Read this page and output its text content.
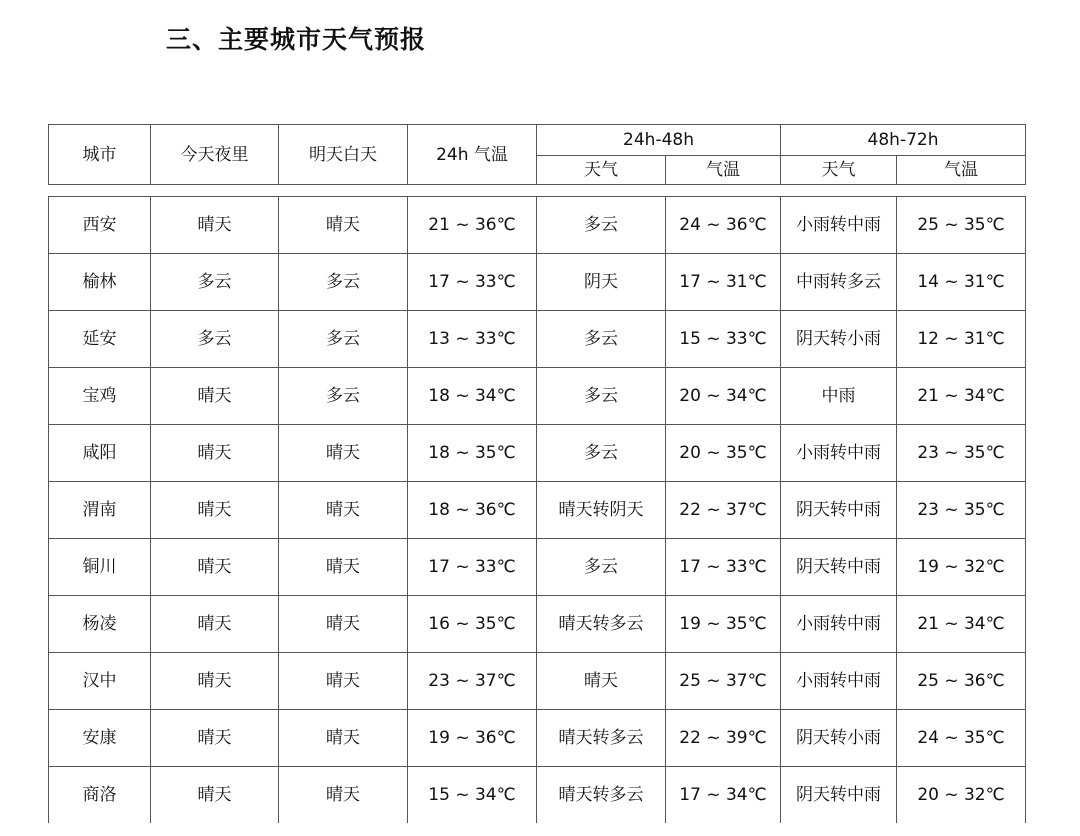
三、主要城市天气预报
城市	今天夜里	明天白天	24h 气温	24h-48h		48h-72h	
				天气	气温	天气	气温

西安	晴天	晴天	21 ~ 36℃	多云	24 ~ 36℃	小雨转中雨	25 ~ 35℃
榆林	多云	多云	17 ~ 33℃	阴天	17 ~ 31℃	中雨转多云	14 ~ 31℃
延安	多云	多云	13 ~ 33℃	多云	15 ~ 33℃	阴天转小雨	12 ~ 31℃
宝鸡	晴天	多云	18 ~ 34℃	多云	20 ~ 34℃	中雨	21 ~ 34℃
咸阳	晴天	晴天	18 ~ 35℃	多云	20 ~ 35℃	小雨转中雨	23 ~ 35℃
渭南	晴天	晴天	18 ~ 36℃	晴天转阴天	22 ~ 37℃	阴天转中雨	23 ~ 35℃
铜川	晴天	晴天	17 ~ 33℃	多云	17 ~ 33℃	阴天转中雨	19 ~ 32℃
杨凌	晴天	晴天	16 ~ 35℃	晴天转多云	19 ~ 35℃	小雨转中雨	21 ~ 34℃
汉中	晴天	晴天	23 ~ 37℃	晴天	25 ~ 37℃	小雨转中雨	25 ~ 36℃
安康	晴天	晴天	19 ~ 36℃	晴天转多云	22 ~ 39℃	阴天转小雨	24 ~ 35℃
商洛	晴天	晴天	15 ~ 34℃	晴天转多云	17 ~ 34℃	阴天转中雨	20 ~ 32℃
